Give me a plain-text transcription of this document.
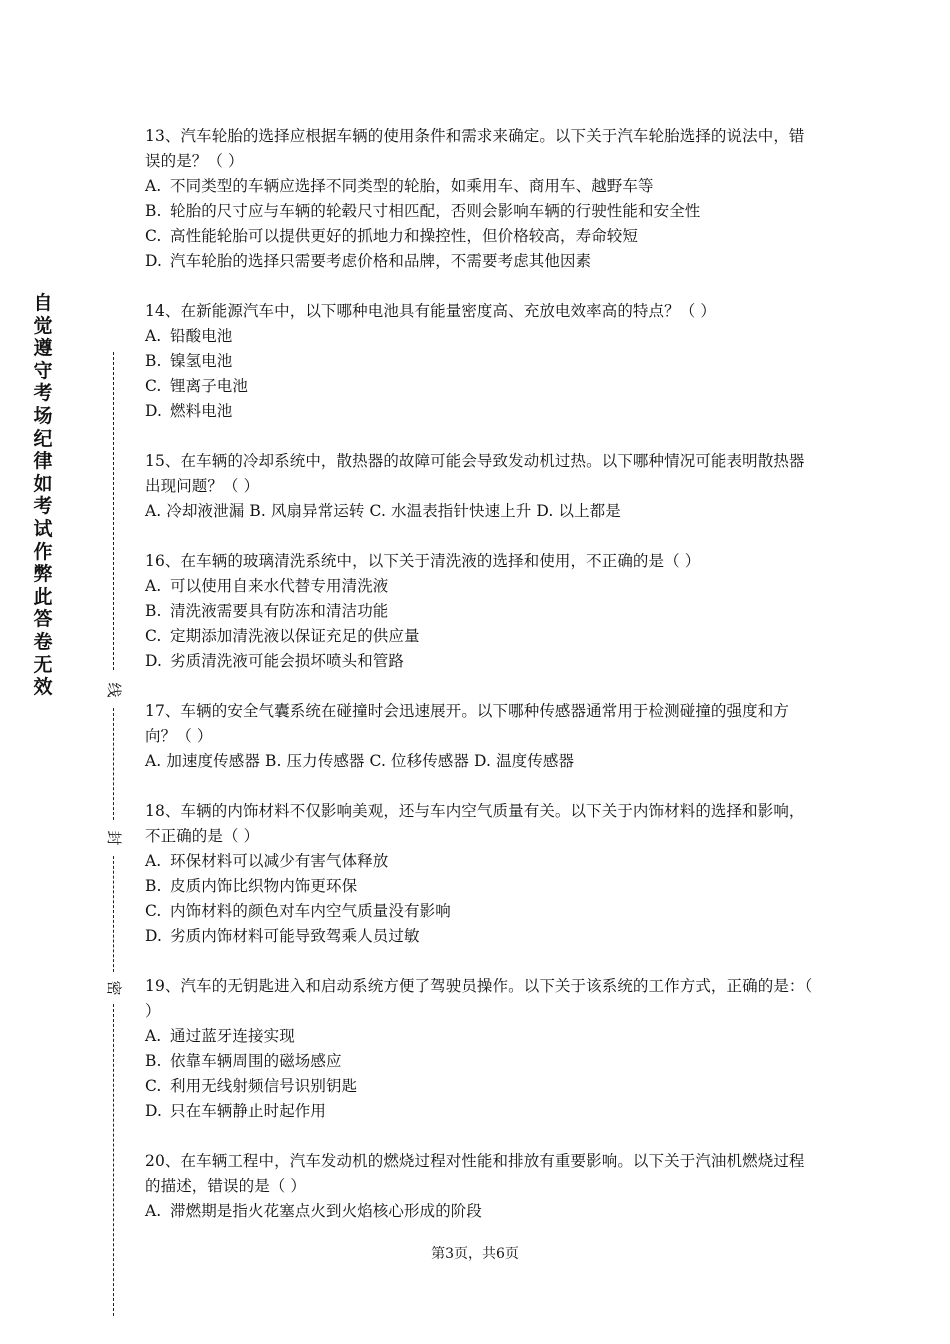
自觉遵守考场纪律如考试作弊此答卷无效	线
封
密
13、汽车轮胎的选择应根据车辆的使用条件和需求来确定。以下关于汽车轮胎选择的说法中，错误的是？（ ）
A. 不同类型的车辆应选择不同类型的轮胎，如乘用车、商用车、越野车等
B. 轮胎的尺寸应与车辆的轮毂尺寸相匹配，否则会影响车辆的行驶性能和安全性
C. 高性能轮胎可以提供更好的抓地力和操控性，但价格较高，寿命较短
D. 汽车轮胎的选择只需要考虑价格和品牌，不需要考虑其他因素
14、在新能源汽车中，以下哪种电池具有能量密度高、充放电效率高的特点？（ ）
A. 铅酸电池
B. 镍氢电池
C. 锂离子电池
D. 燃料电池
15、在车辆的冷却系统中，散热器的故障可能会导致发动机过热。以下哪种情况可能表明散热器出现问题？（ ）
A. 冷却液泄漏 B. 风扇异常运转 C. 水温表指针快速上升 D. 以上都是
16、在车辆的玻璃清洗系统中，以下关于清洗液的选择和使用，不正确的是（ ）
A. 可以使用自来水代替专用清洗液
B. 清洗液需要具有防冻和清洁功能
C. 定期添加清洗液以保证充足的供应量
D. 劣质清洗液可能会损坏喷头和管路
17、车辆的安全气囊系统在碰撞时会迅速展开。以下哪种传感器通常用于检测碰撞的强度和方向？（ ）
A. 加速度传感器 B. 压力传感器 C. 位移传感器 D. 温度传感器
18、车辆的内饰材料不仅影响美观，还与车内空气质量有关。以下关于内饰材料的选择和影响，不正确的是（ ）
A. 环保材料可以减少有害气体释放
B. 皮质内饰比织物内饰更环保
C. 内饰材料的颜色对车内空气质量没有影响
D. 劣质内饰材料可能导致驾乘人员过敏
19、汽车的无钥匙进入和启动系统方便了驾驶员操作。以下关于该系统的工作方式，正确的是：（ ）
A. 通过蓝牙连接实现
B. 依靠车辆周围的磁场感应
C. 利用无线射频信号识别钥匙
D. 只在车辆静止时起作用
20、在车辆工程中，汽车发动机的燃烧过程对性能和排放有重要影响。以下关于汽油机燃烧过程的描述，错误的是（ ）
A. 滞燃期是指火花塞点火到火焰核心形成的阶段
第3页，共6页
